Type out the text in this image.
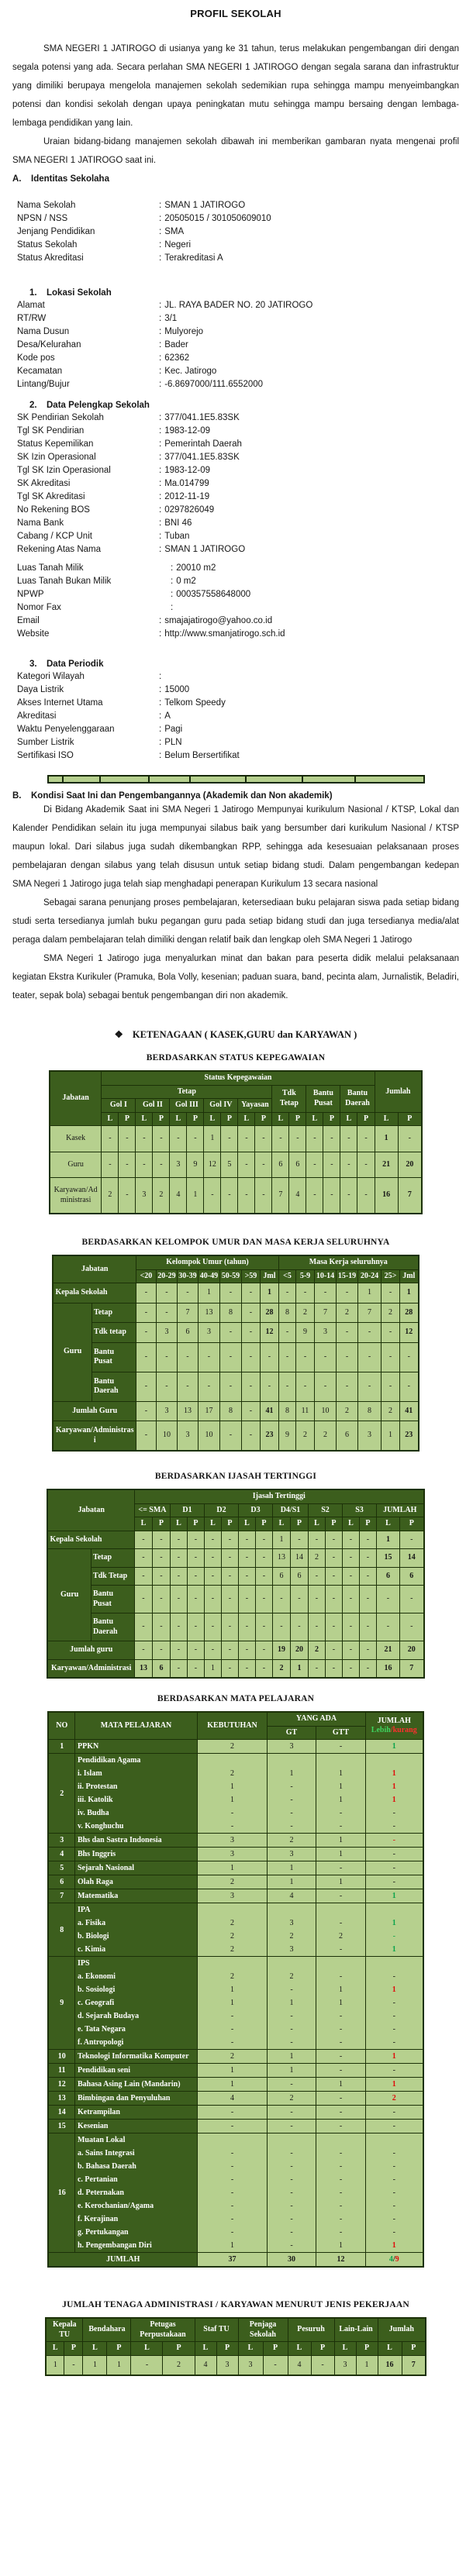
PROFIL SEKOLAH

SMA NEGERI 1 JATIROGO di usianya yang ke 31 tahun, terus melakukan pengembangan diri dengan segala potensi yang ada. Secara perlahan SMA NEGERI 1 JATIROGO dengan segala sarana dan infrastruktur yang dimiliki berupaya mengelola manajemen sekolah sedemikian rupa sehingga mampu menyeimbangkan potensi dan kondisi sekolah dengan upaya peningkatan mutu sehingga mampu bersaing dengan lembaga-lembaga pendidikan yang lain.

Uraian bidang-bidang manajemen sekolah dibawah ini memberikan gambaran nyata mengenai profil SMA NEGERI 1 JATIROGO saat ini.

A. Identitas Sekolaha
Nama Sekolah	: SMAN 1 JATIROGO
NPSN / NSS	: 20505015 / 301050609010
Jenjang Pendidikan	: SMA
Status Sekolah	: Negeri
Status Akreditasi	: Terakreditasi A
1. Lokasi Sekolah
Alamat	: JL. RAYA BADER NO. 20 JATIROGO
RT/RW	: 3/1
Nama Dusun	: Mulyorejo
Desa/Kelurahan	: Bader
Kode pos	: 62362
Kecamatan	: Kec. Jatirogo
Lintang/Bujur	: -6.8697000/111.6552000
2. Data Pelengkap Sekolah
SK Pendirian Sekolah	: 377/041.1E5.83SK
Tgl SK Pendirian	: 1983-12-09
Status Kepemilikan	: Pemerintah Daerah
SK Izin Operasional	: 377/041.1E5.83SK
Tgl SK Izin Operasional	: 1983-12-09
SK Akreditasi	: Ma.014799
Tgl SK Akreditasi	: 2012-11-19
No Rekening BOS	: 0297826049
Nama Bank	: BNI 46
Cabang / KCP Unit	: Tuban
Rekening Atas Nama	: SMAN 1 JATIROGO
Luas Tanah Milik	: 20010 m2
Luas Tanah Bukan Milik	: 0 m2
NPWP	: 000357558648000
Nomor Fax	:
Email	: smajajatirogo@yahoo.co.id
Website	: http://www.smanjatirogo.sch.id
3. Data Periodik
Kategori Wilayah	:
Daya Listrik	: 15000
Akses Internet Utama	: Telkom Speedy
Akreditasi	: A
Waktu Penyelenggaraan	: Pagi
Sumber Listrik	: PLN
Sertifikasi ISO	: Belum Bersertifikat
B. Kondisi Saat Ini dan Pengembangannya (Akademik dan Non akademik)

Di Bidang Akademik Saat ini SMA Negeri 1 Jatirogo Mempunyai kurikulum Nasional / KTSP, Lokal dan Kalender Pendidikan selain itu juga mempunyai silabus baik yang bersumber dari kurikulum Nasional / KTSP maupun lokal. Dari silabus juga sudah dikembangkan RPP, sehingga ada kesesuaian pelaksanaan proses pembelajaran dengan silabus yang telah disusun untuk setiap bidang studi. Dalam pengembangan kedepan SMA Negeri 1 Jatirogo juga telah siap menghadapi penerapan Kurikulum 13 secara nasional

Sebagai sarana penunjang proses pembelajaran, ketersediaan buku pelajaran siswa pada setiap bidang studi serta tersedianya jumlah buku pegangan guru pada setiap bidang studi dan juga tersedianya media/alat peraga dalam pembelajaran telah dimiliki dengan relatif baik dan lengkap oleh SMA Negeri 1 Jatirogo

SMA Negeri 1 Jatirogo juga menyalurkan minat dan bakan para peserta didik melalui pelaksanaan kegiatan Ekstra Kurikuler (Pramuka, Bola Volly, kesenian; paduan suara, band, pecinta alam, Jurnalistik, Beladiri, teater, sepak bola) sebagai bentuk pengembangan diri non akademik.

❖ KETENAGAAN ( KASEK,GURU dan KARYAWAN )
BERDASARKAN STATUS KEPEGAWAIAN
Jabatan	Status Kepegawaian																Jumlah	
	Tetap										Tdk Tetap		Bantu Pusat		Bantu Daerah			
	Gol I		Gol II		Gol III		Gol IV		Yayasan									
	L	P	L	P	L	P	L	P	L	P	L	P	L	P	L	P	L	P
Kasek	-	-	-	-	-	-	1	-	-	-	-	-	-	-	-	-	1	-
Guru	-	-	-	-	3	9	12	5	-	-	6	6	-	-	-	-	21	20
Karyawan/Administrasi	2	-	3	2	4	1	-	-	-	-	7	4	-	-	-	-	16	7
BERDASARKAN KELOMPOK UMUR DAN MASA KERJA SELURUHNYA
Jabatan		Kelompok Umur (tahun)							Masa Kerja seluruhnya						
		<20	20-29	30-39	40-49	50-59	>59	Jml	<5	5-9	10-14	15-19	20-24	25>	Jml
Kepala Sekolah		-	-	-	1	-	-	1	-	-	-	-	1	-	1
Guru	Tetap	-	-	7	13	8	-	28	8	2	7	2	7	2	28
	Tdk tetap	-	3	6	3	-	-	12	-	9	3	-	-	-	12
	Bantu Pusat	-	-	-	-	-	-	-	-	-	-	-	-	-	-
	Bantu Daerah	-	-	-	-	-	-	-	-	-	-	-	-	-	-
Jumlah Guru		-	3	13	17	8	-	41	8	11	10	2	8	2	41
Karyawan/Administrasi		-	10	3	10	-	-	23	9	2	2	6	3	1	23
BERDASARKAN IJASAH TERTINGGI
Jabatan		Ijasah Tertinggi															
		<= SMA		D1		D2		D3		D4/S1		S2		S3		JUMLAH	
		L	P	L	P	L	P	L	P	L	P	L	P	L	P	L	P
Kepala Sekolah		-	-	-	-	-	-	-	-	1	-	-	-	-	-	1	-
Guru	Tetap	-	-	-	-	-	-	-	-	13	14	2	-	-	-	15	14
	Tdk Tetap	-	-	-	-	-	-	-	-	6	6	-	-	-	-	6	6
	Bantu Pusat	-	-	-	-	-	-	-	-	-	-	-	-	-	-	-	-
	Bantu Daerah	-	-	-	-	-	-	-	-	-	-	-	-	-	-	-	-
Jumlah guru		-	-	-	-	-	-	-	-	19	20	2	-	-	-	21	20
Karyawan/Administrasi		13	6	-	-	1	-	-	-	2	1	-	-	-	-	16	7
BERDASARKAN MATA PELAJARAN
NO	MATA PELAJARAN	KEBUTUHAN	YANG ADA		JUMLAH
Lebih/kurang

			GT	GTT	
1	PPKN	2	3	-	1
2	Pendidikan Agama				
	i. Islam	2	1	1	1
	ii. Protestan	1	-	1	1
	iii. Katolik	1	-	1	1
	iv. Budha	-	-	-	-
	v. Konghuchu	-	-	-	-
3	Bhs dan Sastra Indonesia	3	2	1	-
4	Bhs Inggris	3	3	1	-
5	Sejarah Nasional	1	1	-	-
6	Olah Raga	2	1	1	-
7	Matematika	3	4	-	1
8	IPA				
	a. Fisika	2	3	-	1
	b. Biologi	2	2	2	-
	c. Kimia	2	3	-	1
9	IPS				
	a. Ekonomi	2	2	-	-
	b. Sosiologi	1	-	1	1
	c. Geografi	1	1	1	-
	d. Sejarah Budaya	-	-	-	-
	e. Tata Negara	-	-	-	-
	f. Antropologi	-	-	-	-
10	Teknologi Informatika Komputer	2	1	-	1
11	Pendidikan seni	1	1	-	-
12	Bahasa Asing Lain (Mandarin)	1	-	1	1
13	Bimbingan dan Penyuluhan	4	2	-	2
14	Ketrampilan	-	-	-	-
15	Kesenian	-	-	-	-
16	Muatan Lokal				
	a. Sains Integrasi	-	-	-	-
	b. Bahasa Daerah	-	-	-	-
	c. Pertanian	-	-	-	-
	d. Peternakan	-	-	-	-
	e. Kerochanian/Agama	-	-	-	-
	f. Kerajinan	-	-	-	-
	g. Pertukangan	-	-	-	-
	h. Pengembangan Diri	1	-	1	1
JUMLAH		37	30	12	4/9
JUMLAH TENAGA ADMINISTRASI / KARYAWAN MENURUT JENIS PEKERJAAN
Kepala TU		Bendahara		Petugas Perpustakaan		Staf TU		Penjaga Sekolah		Pesuruh		Lain-Lain		Jumlah	
L	P	L	P	L	P	L	P	L	P	L	P	L	P	L	P
1	-	1	1	-	2	4	3	3	-	4	-	3	1	16	7
